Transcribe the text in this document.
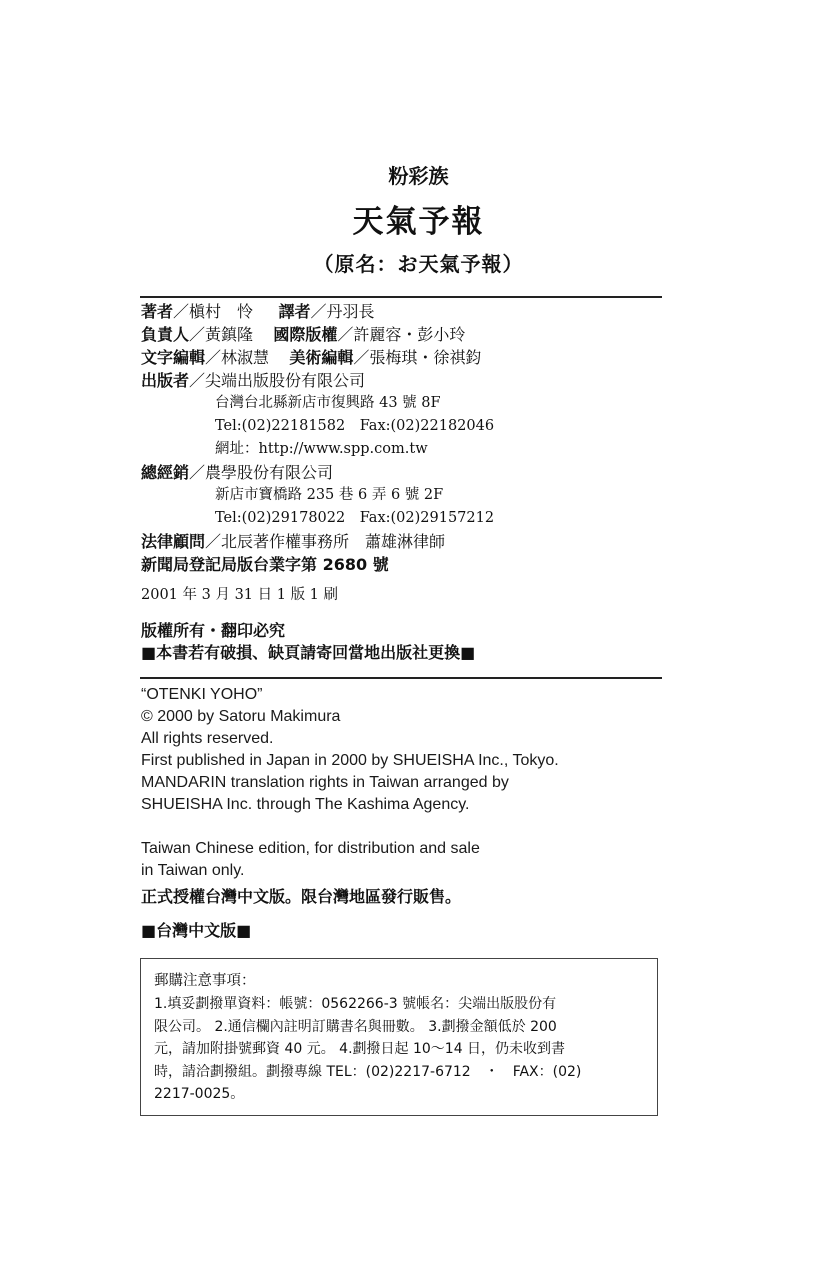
粉彩族
天氣予報
（原名：お天氣予報）
著者／槇村　怜 譯者／丹羽長
負責人／黃鎮隆 國際版權／許麗容・彭小玲
文字編輯／林淑慧 美術編輯／張梅琪・徐祺鈞
出版者／尖端出版股份有限公司
台灣台北縣新店市復興路 43 號 8F
Tel:(02)22181582　Fax:(02)22182046
網址：http://www.spp.com.tw
總經銷／農學股份有限公司
新店市寶橋路 235 巷 6 弄 6 號 2F
Tel:(02)29178022　Fax:(02)29157212
法律顧問／北辰著作權事務所　蕭雄淋律師
新聞局登記局版台業字第 2680 號
2001 年 3 月 31 日 1 版 1 刷
版權所有・翻印必究
■本書若有破損、缺頁請寄回當地出版社更換■
“OTENKI YOHO”
© 2000 by Satoru Makimura
All rights reserved.
First published in Japan in 2000 by SHUEISHA Inc., Tokyo.
MANDARIN translation rights in Taiwan arranged by
SHUEISHA Inc. through The Kashima Agency.
Taiwan Chinese edition, for distribution and sale
in Taiwan only.
正式授權台灣中文版。限台灣地區發行販售。
■台灣中文版■
郵購注意事項：
1.填妥劃撥單資料：帳號：0562266-3 號帳名：尖端出版股份有
限公司。 2.通信欄內註明訂購書名與冊數。 3.劃撥金額低於 200
元，請加附掛號郵資 40 元。 4.劃撥日起 10～14 日，仍未收到書
時，請洽劃撥組。劃撥專線 TEL：(02)2217-6712　・　FAX：(02)
2217-0025。
